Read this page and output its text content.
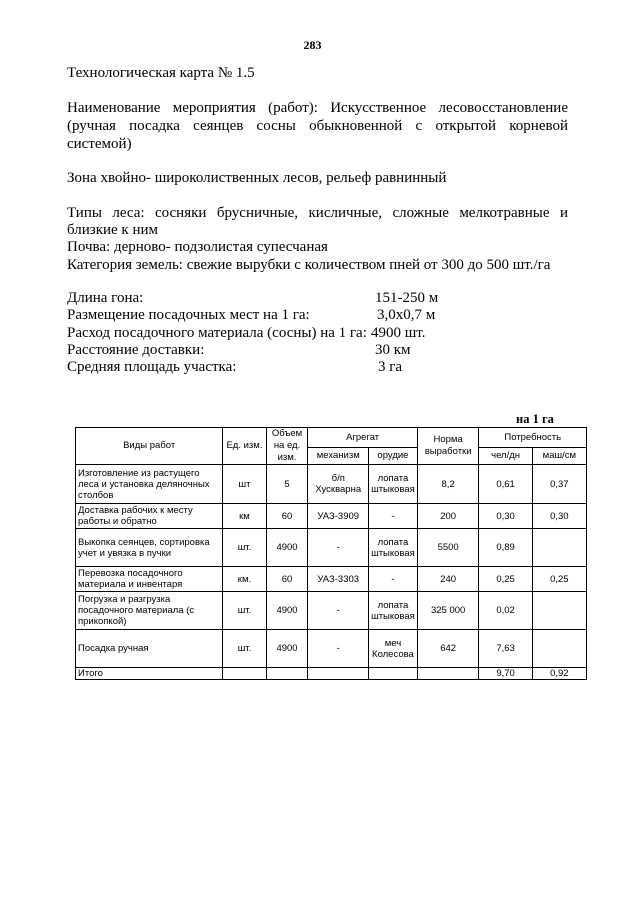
283
Технологическая карта № 1.5
Наименование мероприятия (работ): Искусственное лесовосстановление
(ручная посадка сеянцев сосны обыкновенной с открытой корневой
системой)
Зона хвойно- широколиственных лесов, рельеф равнинный
Типы леса: сосняки брусничные, кисличные, сложные мелкотравные и
близкие к ним
Почва: дерново- подзолистая супесчаная
Категория земель: свежие вырубки с количеством пней от 300 до 500 шт./га
Длина гона:	151-250 м
Размещение посадочных мест на 1 га:	3,0x0,7 м
Расход посадочного материала (сосны) на 1 га: 4900 шт.
Расстояние доставки:	30 км
Средняя площадь участка:	3 га
на 1 га
Виды работ	Ед. изм.	Объем на ед. изм.	Агрегат		Норма выработки	Потребность	
			механизм	орудие		чел/дн	маш/см
Изготовление из растущего леса и установка деляночных столбов	шт	5	б/п Хускварна	лопата штыковая	8,2	0,61	0,37
Доставка рабочих к месту работы и обратно	км	60	УАЗ-3909	-	200	0,30	0,30
Выкопка сеянцев, сортировка учет и увязка в пучки	шт.	4900	-	лопата штыковая	5500	0,89	
Перевозка посадочного материала и инвентаря	км.	60	УАЗ-3303	-	240	0,25	0,25
Погрузка и разгрузка посадочного материала (с прикопкой)	шт.	4900	-	лопата штыковая	325 000	0,02	
Посадка ручная	шт.	4900	-	меч Колесова	642	7,63	
Итого						9,70	0,92
